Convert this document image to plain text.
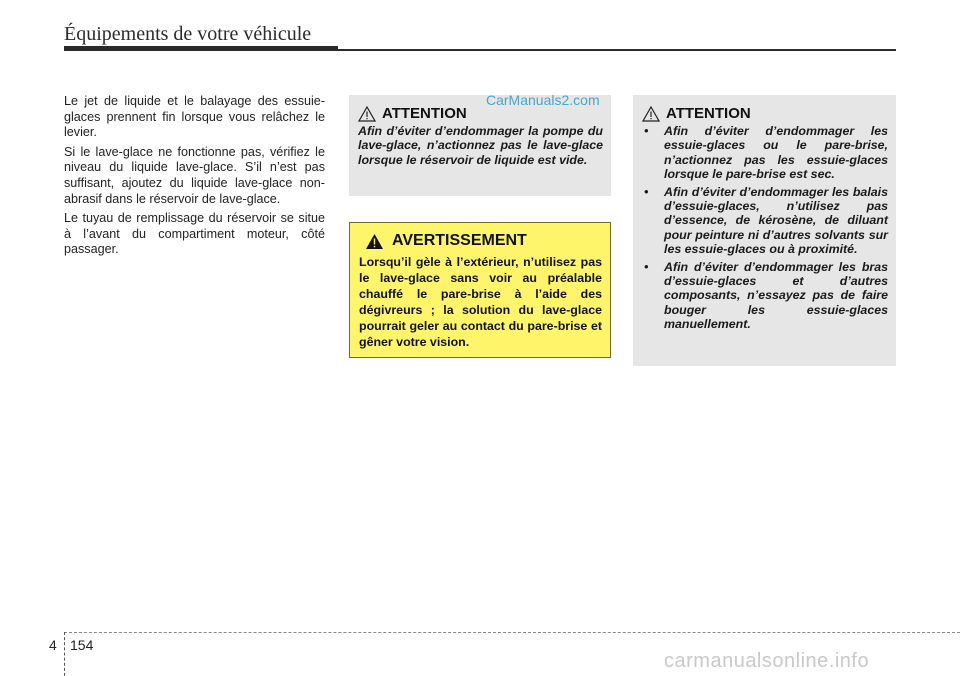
Équipements de votre véhicule

Le jet de liquide et le balayage des essuie-glaces prennent fin lorsque vous relâchez le levier.

Si le lave-glace ne fonctionne pas, vérifiez le niveau du liquide lave-glace. S’il n’est pas suffisant, ajoutez du liquide lave-glace non-abrasif dans le réservoir de lave-glace.

Le tuyau de remplissage du réservoir se situe à l’avant du compartiment moteur, côté passager.

ATTENTION
Afin d’éviter d’endommager la pompe du lave-glace, n’actionnez pas le lave-glace lorsque le réservoir de liquide est vide.
CarManuals2.com
AVERTISSEMENT
Lorsqu’il gèle à l’extérieur, n’utilisez pas le lave-glace sans voir au préalable chauffé le pare-brise à l’aide des dégivreurs ; la solution du lave-glace pourrait geler au contact du pare-brise et gêner votre vision.
ATTENTION
• Afin d’éviter d’endommager les essuie-glaces ou le pare-brise, n’actionnez pas les essuie-glaces lorsque le pare-brise est sec.
• Afin d’éviter d’endommager les balais d’essuie-glaces, n’utilisez pas d’essence, de kérosène, de diluant pour peinture ni d’autres solvants sur les essuie-glaces ou à proximité.
• Afin d’éviter d’endommager les bras d’essuie-glaces et d’autres composants, n’essayez pas de faire bouger les essuie-glaces manuellement.
4 154
carmanualsonline.info
